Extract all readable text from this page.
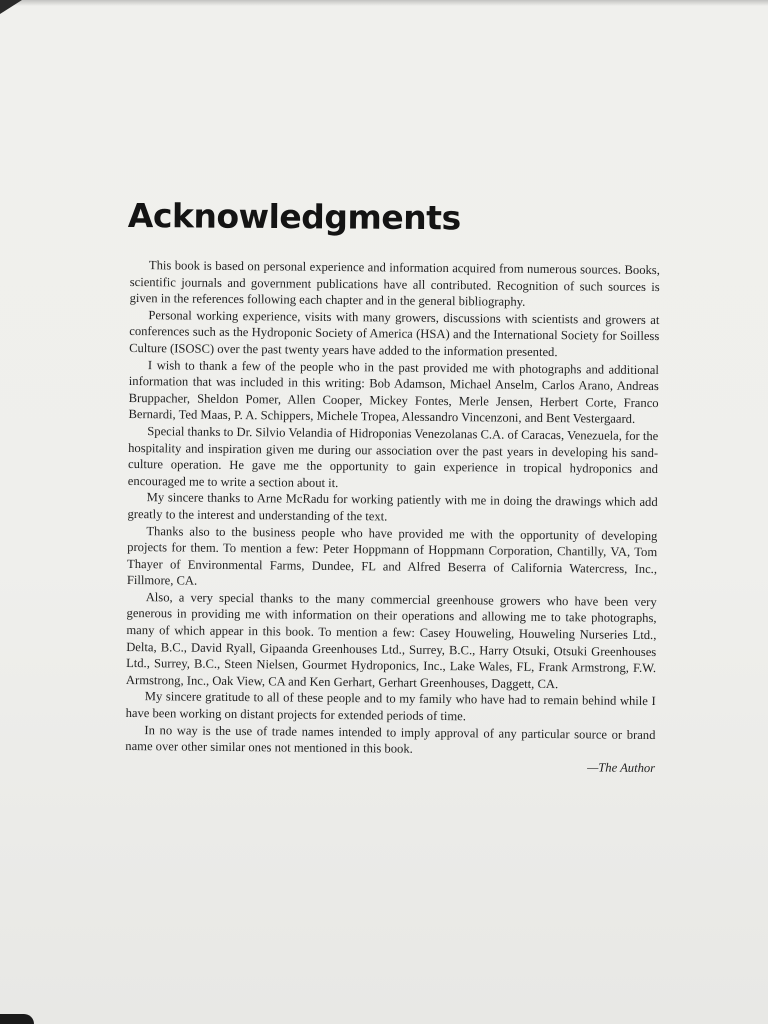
Acknowledgments

This book is based on personal experience and information acquired from numerous sources. Books, scientific journals and government publications have all contributed. Recognition of such sources is given in the references following each chapter and in the general bibliography.

Personal working experience, visits with many growers, discussions with scientists and growers at conferences such as the Hydroponic Society of America (HSA) and the International Society for Soilless Culture (ISOSC) over the past twenty years have added to the information presented.

I wish to thank a few of the people who in the past provided me with photographs and additional information that was included in this writing: Bob Adamson, Michael Anselm, Carlos Arano, Andreas Bruppacher, Sheldon Pomer, Allen Cooper, Mickey Fontes, Merle Jensen, Herbert Corte, Franco Bernardi, Ted Maas, P. A. Schippers, Michele Tropea, Alessandro Vincenzoni, and Bent Vestergaard.

Special thanks to Dr. Silvio Velandia of Hidroponias Venezolanas C.A. of Caracas, Venezuela, for the hospitality and inspiration given me during our association over the past years in developing his sand-culture operation. He gave me the opportunity to gain experience in tropical hydroponics and encouraged me to write a section about it.

My sincere thanks to Arne McRadu for working patiently with me in doing the drawings which add greatly to the interest and understanding of the text.

Thanks also to the business people who have provided me with the opportunity of developing projects for them. To mention a few: Peter Hoppmann of Hoppmann Corporation, Chantilly, VA, Tom Thayer of Environmental Farms, Dundee, FL and Alfred Beserra of California Watercress, Inc., Fillmore, CA.

Also, a very special thanks to the many commercial greenhouse growers who have been very generous in providing me with information on their operations and allowing me to take photographs, many of which appear in this book. To mention a few: Casey Houweling, Houweling Nurseries Ltd., Delta, B.C., David Ryall, Gipaanda Greenhouses Ltd., Surrey, B.C., Harry Otsuki, Otsuki Greenhouses Ltd., Surrey, B.C., Steen Nielsen, Gourmet Hydroponics, Inc., Lake Wales, FL, Frank Armstrong, F.W. Armstrong, Inc., Oak View, CA and Ken Gerhart, Gerhart Greenhouses, Daggett, CA.

My sincere gratitude to all of these people and to my family who have had to remain behind while I have been working on distant projects for extended periods of time.

In no way is the use of trade names intended to imply approval of any particular source or brand name over other similar ones not mentioned in this book.

—The Author
